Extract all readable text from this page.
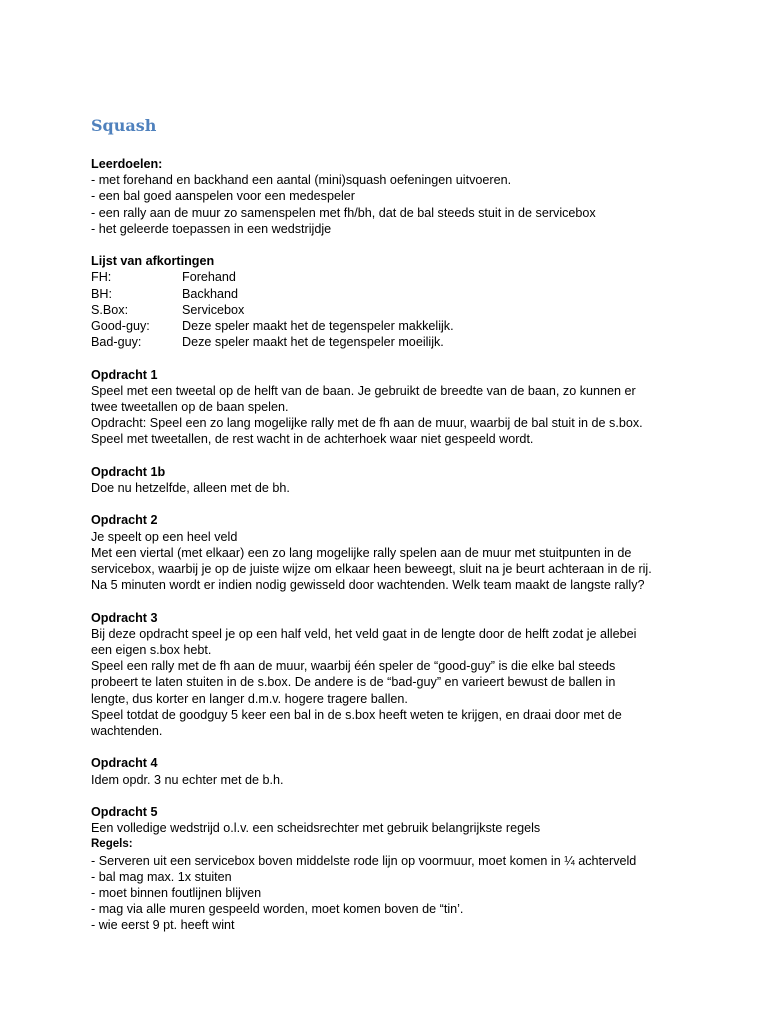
Squash
Leerdoelen:
- met forehand en backhand een aantal (mini)squash oefeningen uitvoeren.
- een bal goed aanspelen voor een medespeler
- een rally aan de muur zo samenspelen met fh/bh, dat de bal steeds stuit in de servicebox
- het geleerde toepassen in een wedstrijdje
Lijst van afkortingen
FH:	Forehand
BH:	Backhand
S.Box:	Servicebox
Good-guy:	Deze speler maakt het de tegenspeler makkelijk.
Bad-guy:	Deze speler maakt het de tegenspeler moeilijk.
Opdracht 1
Speel met een tweetal op de helft van de baan. Je gebruikt de breedte van de baan, zo kunnen er
twee tweetallen op de baan spelen.
Opdracht: Speel een zo lang mogelijke rally met de fh aan de muur, waarbij de bal stuit in de s.box.
Speel met tweetallen, de rest wacht in de achterhoek waar niet gespeeld wordt.
Opdracht 1b
Doe nu hetzelfde, alleen met de bh.
Opdracht 2
Je speelt op een heel veld
Met een viertal (met elkaar) een zo lang mogelijke rally spelen aan de muur met stuitpunten in de
servicebox, waarbij je op de juiste wijze om elkaar heen beweegt, sluit na je beurt achteraan in de rij.
Na 5 minuten wordt er indien nodig gewisseld door wachtenden. Welk team maakt de langste rally?
Opdracht 3
Bij deze opdracht speel je op een half veld, het veld gaat in de lengte door de helft zodat je allebei
een eigen s.box hebt.
Speel een rally met de fh aan de muur, waarbij één speler de “good-guy” is die elke bal steeds
probeert te laten stuiten in de s.box. De andere is de “bad-guy” en varieert bewust de ballen in
lengte, dus korter en langer d.m.v. hogere tragere ballen.
Speel totdat de goodguy 5 keer een bal in de s.box heeft weten te krijgen, en draai door met de
wachtenden.
Opdracht 4
Idem opdr. 3 nu echter met de b.h.
Opdracht 5
Een volledige wedstrijd o.l.v. een scheidsrechter met gebruik belangrijkste regels
Regels:
- Serveren uit een servicebox boven middelste rode lijn op voormuur, moet komen in ¼ achterveld
- bal mag max. 1x stuiten
- moet binnen foutlijnen blijven
- mag via alle muren gespeeld worden, moet komen boven de “tin’.
- wie eerst 9 pt. heeft wint
